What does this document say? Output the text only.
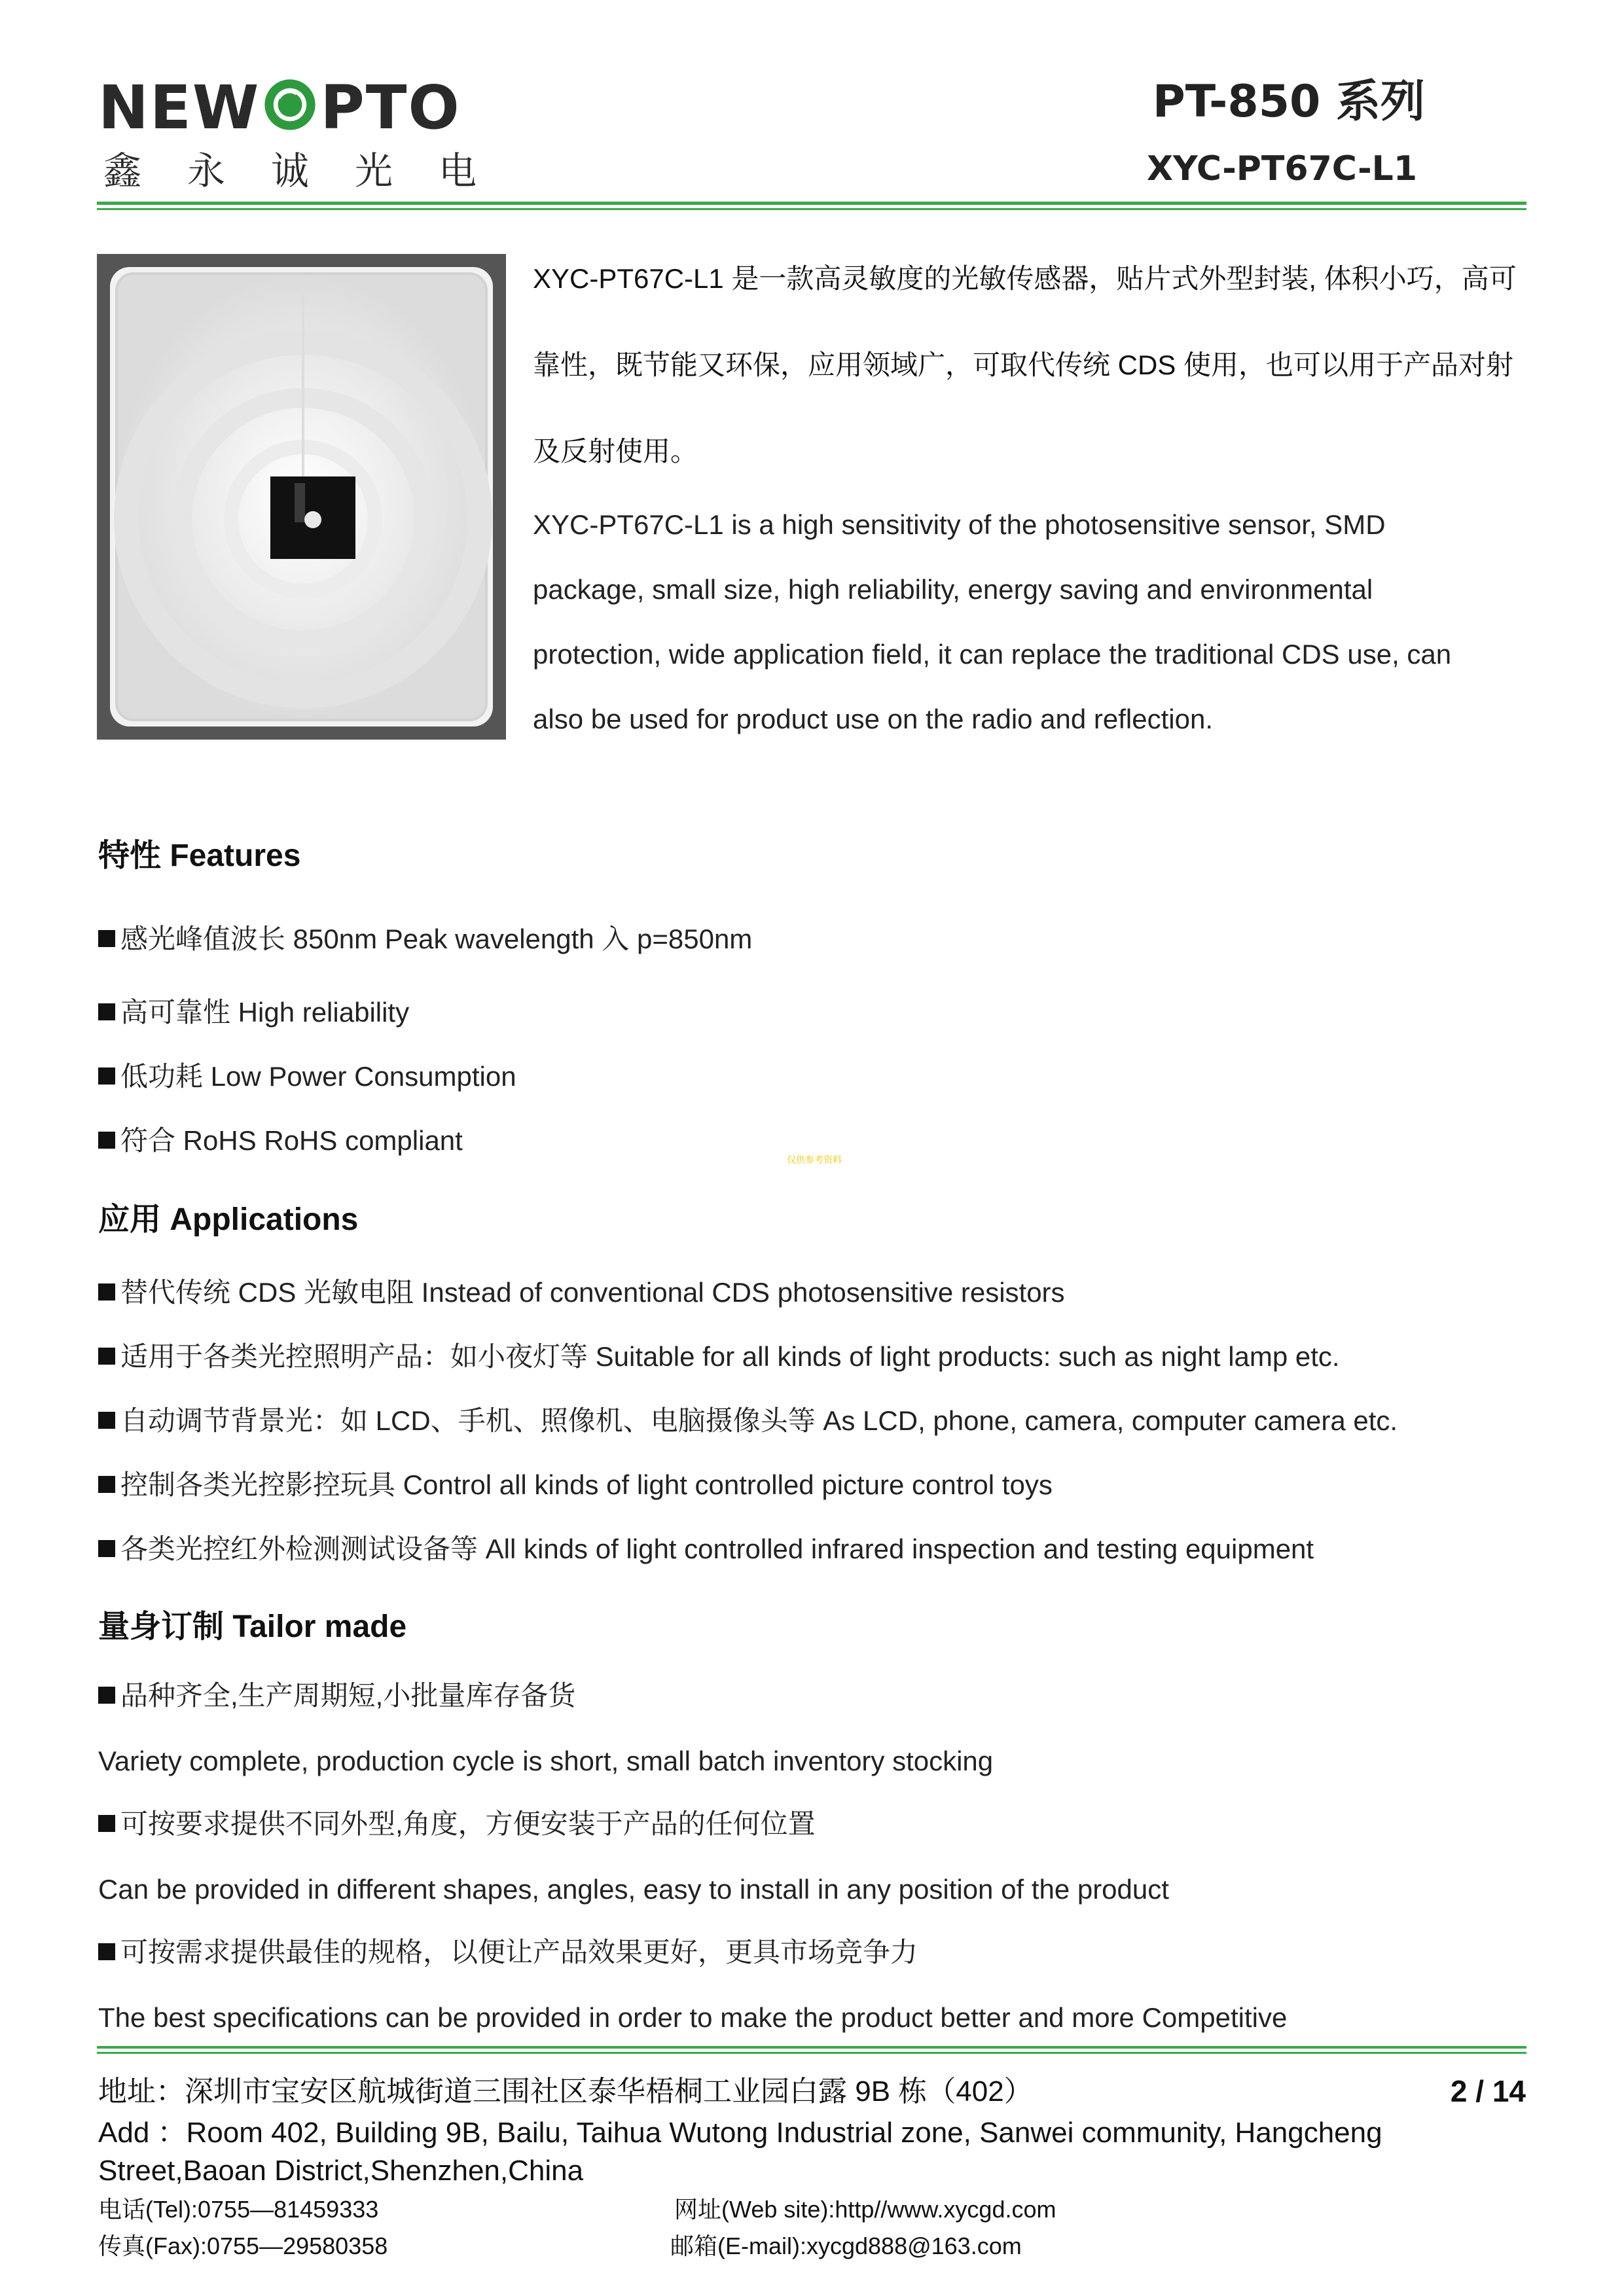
NEW PTO
鑫永诚光电
PT-850 系列
XYC-PT67C-L1
XYC-PT67C-L1 是一款高灵敏度的光敏传感器，贴片式外型封装, 体积小巧，高可
靠性，既节能又环保，应用领域广，可取代传统 CDS 使用，也可以用于产品对射
及反射使用。
XYC-PT67C-L1 is a high sensitivity of the photosensitive sensor, SMD
package, small size, high reliability, energy saving and environmental
protection, wide application field, it can replace the traditional CDS use, can
also be used for product use on the radio and reflection.
特性 Features
感光峰值波长 850nm Peak wavelength 入 p=850nm
高可靠性 High reliability
低功耗 Low Power Consumption
符合 RoHS RoHS compliant
仅供参考资料
应用 Applications
替代传统 CDS 光敏电阻 Instead of conventional CDS photosensitive resistors
适用于各类光控照明产品：如小夜灯等 Suitable for all kinds of light products: such as night lamp etc.
自动调节背景光：如 LCD、手机、照像机、电脑摄像头等 As LCD, phone, camera, computer camera etc.
控制各类光控影控玩具 Control all kinds of light controlled picture control toys
各类光控红外检测测试设备等 All kinds of light controlled infrared inspection and testing equipment
量身订制 Tailor made
品种齐全,生产周期短,小批量库存备货
Variety complete, production cycle is short, small batch inventory stocking
可按要求提供不同外型,角度，方便安装于产品的任何位置
Can be provided in different shapes, angles, easy to install in any position of the product
可按需求提供最佳的规格，以便让产品效果更好，更具市场竞争力
The best specifications can be provided in order to make the product better and more Competitive
地址：深圳市宝安区航城街道三围社区泰华梧桐工业园白露 9B 栋（402）	2 / 14
Add ：Room 402, Building 9B, Bailu, Taihua Wutong Industrial zone, Sanwei community, Hangcheng
Street,Baoan District,Shenzhen,China
电话(Tel):0755—81459333
传真(Fax):0755—29580358
网址(Web site):http//www.xycgd.com
邮箱(E-mail):xycgd888@163.com
